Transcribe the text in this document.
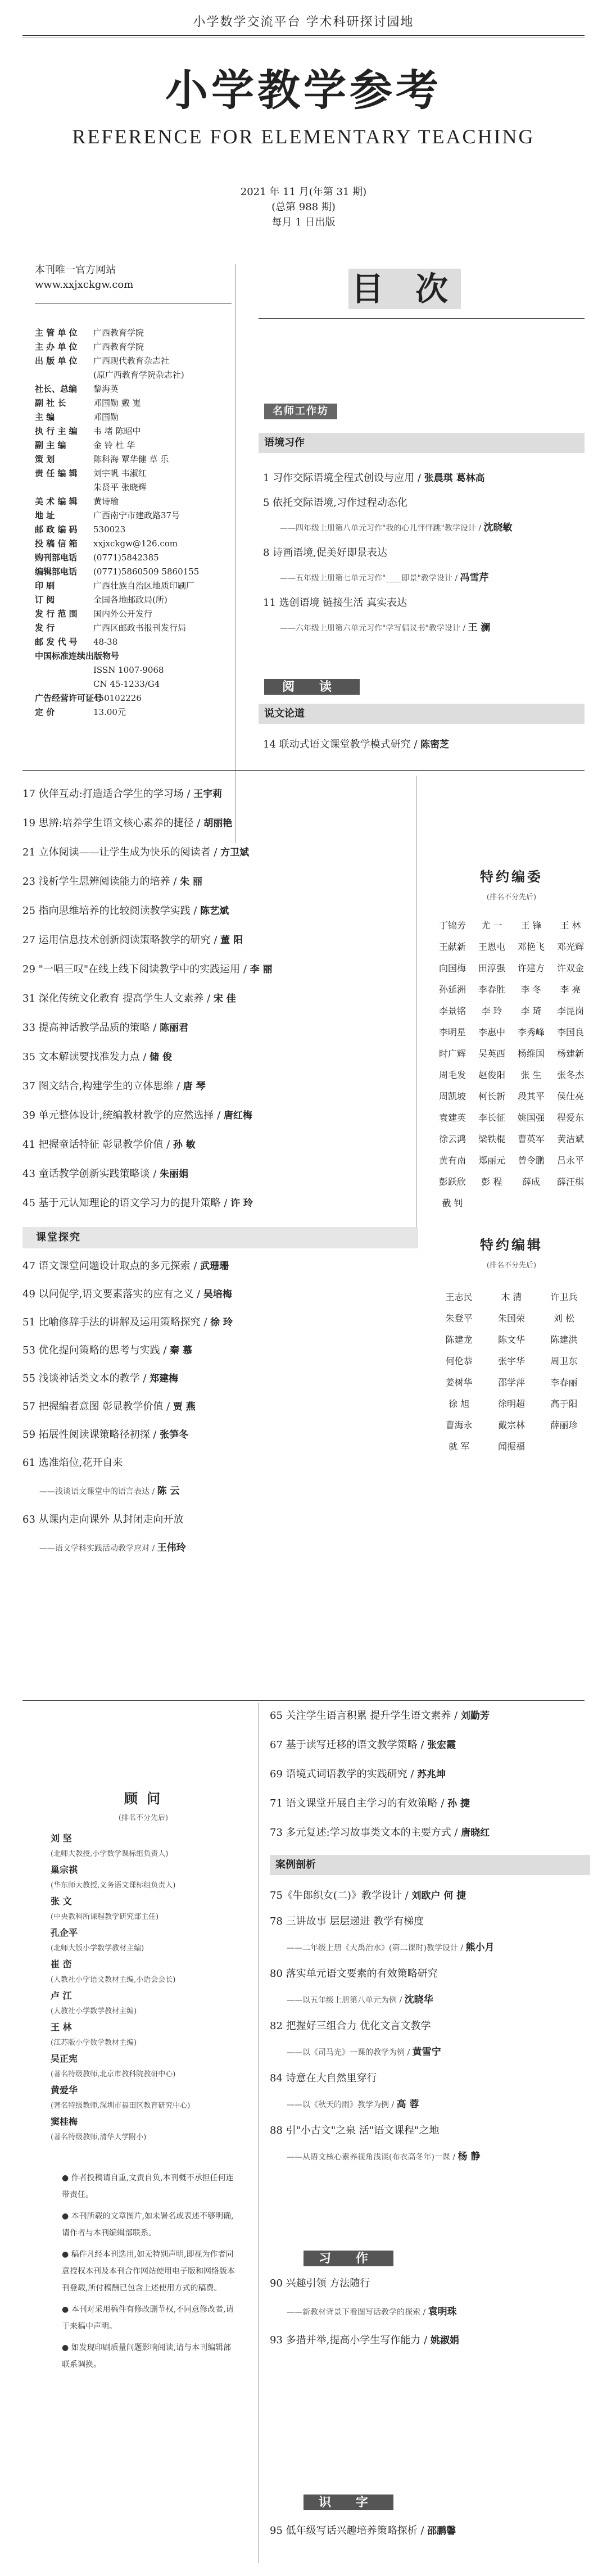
小学数学交流平台 学术科研探讨园地
小学教学参考
REFERENCE FOR ELEMENTARY TEACHING
2021 年 11 月(年第 31 期)
(总第 988 期)
每月 1 日出版
本刊唯一官方网站
www.xxjxckgw.com
主 管 单 位	广西教育学院
主 办 单 位	广西教育学院
出 版 单 位	广西现代教育杂志社
(原广西教育学院杂志社)
社长、总编	黎海英
副 社 长	邓国勋 戴 嵬
主 编	邓国勋
执 行 主 编	韦 堵 陈昭中
副 主 编	金 铃 杜 华
策 划	陈科海 覃华健 草 乐
责 任 编 辑	刘宇帆 韦淑红
朱贤平 张晓辉
美 术 编 辑	黄诗瑜
地 址	广西南宁市建政路37号
邮 政 编 码	530023
投 稿 信 箱	xxjxckgw@126.com
购刊部电话	(0771)5842385
编辑部电话	(0771)5860509 5860155
印 刷	广西壮族自治区地质印刷厂
订 阅	全国各地邮政局(所)
发 行 范 围	国内外公开发行
发 行	广西区邮政书报刊发行局
邮 发 代 号	48-38
中国标准连续出版物号
ISSN 1007-9068
CN 45-1233/G4
广告经营许可证号
450102226
定 价	13.00元
目 次
名师工作坊
语境习作
1 习作交际语境全程式创设与应用 / 张晨琪 葛林高
5 依托交际语境,习作过程动态化
——四年级上册第八单元习作"我的心儿怦怦跳"教学设计 / 沈晓敏
8 诗画语境,促美好即景表达
——五年级上册第七单元习作"____即景"教学设计 / 冯雪芹
11 选创语境 链接生活 真实表达
——六年级上册第六单元习作"学写倡议书"教学设计 / 王 澜
阅 读
说文论道
14 联动式语文课堂教学模式研究 / 陈密芝
17 伙伴互动:打造适合学生的学习场 / 王宇莉
19 思辨:培养学生语文核心素养的捷径 / 胡丽艳
21 立体阅读——让学生成为快乐的阅读者 / 方卫斌
23 浅析学生思辨阅读能力的培养 / 朱 丽
25 指向思维培养的比较阅读教学实践 / 陈艺斌
27 运用信息技术创新阅读策略教学的研究 / 董 阳
29 "一唱三叹"在线上线下阅读教学中的实践运用 / 李 丽
31 深化传统文化教育 提高学生人文素养 / 宋 佳
33 提高神话教学品质的策略 / 陈丽君
35 文本解读要找准发力点 / 储 俊
37 图文结合,构建学生的立体思维 / 唐 琴
39 单元整体设计,统编教材教学的应然选择 / 唐红梅
41 把握童话特征 彰显教学价值 / 孙 敏
43 童话教学创新实践策略谈 / 朱丽娟
45 基于元认知理论的语文学习力的提升策略 / 许 玲
特约编委
(排名不分先后)
丁锦芳	尤 一	王 锋	王 林
王献新	王恩屯	邓艳飞	邓光辉
向国梅	田淳强	许建方	许双金
孙延洲	李春胜	李 冬	李 亮
李景铭	李 玲	李 琦	李昆岗
李明星	李惠中	李秀峰	李国良
时广辉	吴英西	杨维国	杨建新
周毛发	赵俊阳	张 生	张冬杰
周凯坡	柯长新	段其平	侯仕亮
袁建英	李长征	姚国强	程爱东
徐云鸿	梁铁棍	曹英军	黄洁斌
黄有南	郑丽元	曾令鹏	吕永平
彭跃欣	彭 程	薛成	薛汪棋
截 钊
课堂探究
47 语文课堂问题设计取点的多元探索 / 武珊珊
49 以问促学,语文要素落实的应有之义 / 吴培梅
51 比喻修辞手法的讲解及运用策略探究 / 徐 玲
53 优化提问策略的思考与实践 / 秦 慕
55 浅谈神话类文本的教学 / 郑建梅
57 把握编者意图 彰显教学价值 / 贾 燕
59 拓展性阅读课策略径初探 / 张笋冬
61 选准焰位,花开自来
——浅谈语文课堂中的语言表达 / 陈 云
63 从课内走向课外 从封闭走向开放
——语文学科实践活动教学应对 / 王伟玲
特约编辑
(排名不分先后)
王志民	木 清	许卫兵
朱登平	朱国荣	刘 松
陈建龙	陈文华	陈建洪
何伦恭	张宇华	周卫东
姜树华	邵学萍	李春丽
徐 旭	徐明超	高于阳
曹海永	戴宗林	薛丽珍
就 军	闻振福
顾 问
(排名不分先后)
刘 坚
(北师大教授,小学数学课标组负责人)
巢宗祺
(华东师大教授,义务语文课标组负责人)
张 文
(中央教科所课程教学研究部主任)
孔企平
(北师大版小学数学教材主编)
崔 峦
(人教社小学语文教材主编,小语会会长)
卢 江
(人教社小学数学教材主编)
王 林
(江苏版小学数学教材主编)
吴正宪
(著名特级教师,北京市教科院教研中心)
黄爱华
(著名特级教师,深圳市福田区教育研究中心)
窦桂梅
(著名特级教师,清华大学附小)
● 作者投稿请自重,文责自负,本刊概不承担任何连带责任。
● 本刊所载的文章图片,如未署名或表述不够明确,请作者与本刊编辑部联系。
● 稿件凡经本刊选用,如无特别声明,即视为作者同意授权本刊及本刊合作网站使用电子版和网络版本刊登载,所付稿酬已包含上述使用方式的稿费。
● 本刊对采用稿件有修改删节权,不同意修改者,请于来稿中声明。
● 如发现印刷质量问题影响阅读,请与本刊编辑部联系调换。
65 关注学生语言积累 提升学生语文素养 / 刘勤芳
67 基于读写迁移的语文教学策略 / 张宏霞
69 语境式词语教学的实践研究 / 苏兆坤
71 语文课堂开展自主学习的有效策略 / 孙 捷
73 多元复述:学习故事类文本的主要方式 / 唐晓红
案例剖析
75《牛郎织女(二)》教学设计 / 刘欧户 何 捷
78 三讲故事 层层递进 教学有梯度
——二年级上册《大禹治水》(第二课时)教学设计 / 熊小月
80 落实单元语文要素的有效策略研究
——以五年级上册第八单元为例 / 沈晓华
82 把握好三组合力 优化文言文教学
——以《司马光》一课的教学为例 / 黄雪宁
84 诗意在大自然里穿行
——以《秋天的雨》教学为例 / 高 蓉
88 引"小古文"之泉 活"语文课程"之地
——从语文核心素养视角浅谈(布衣高冬年)一课 / 杨 静
习 作
90 兴趣引领 方法随行
——新教材背景下看图写话教学的探索 / 袁明珠
93 多措并举,提高小学生写作能力 / 姚淑娟
识 字
95 低年级写话兴趣培养策略探析 / 邵鹏馨
